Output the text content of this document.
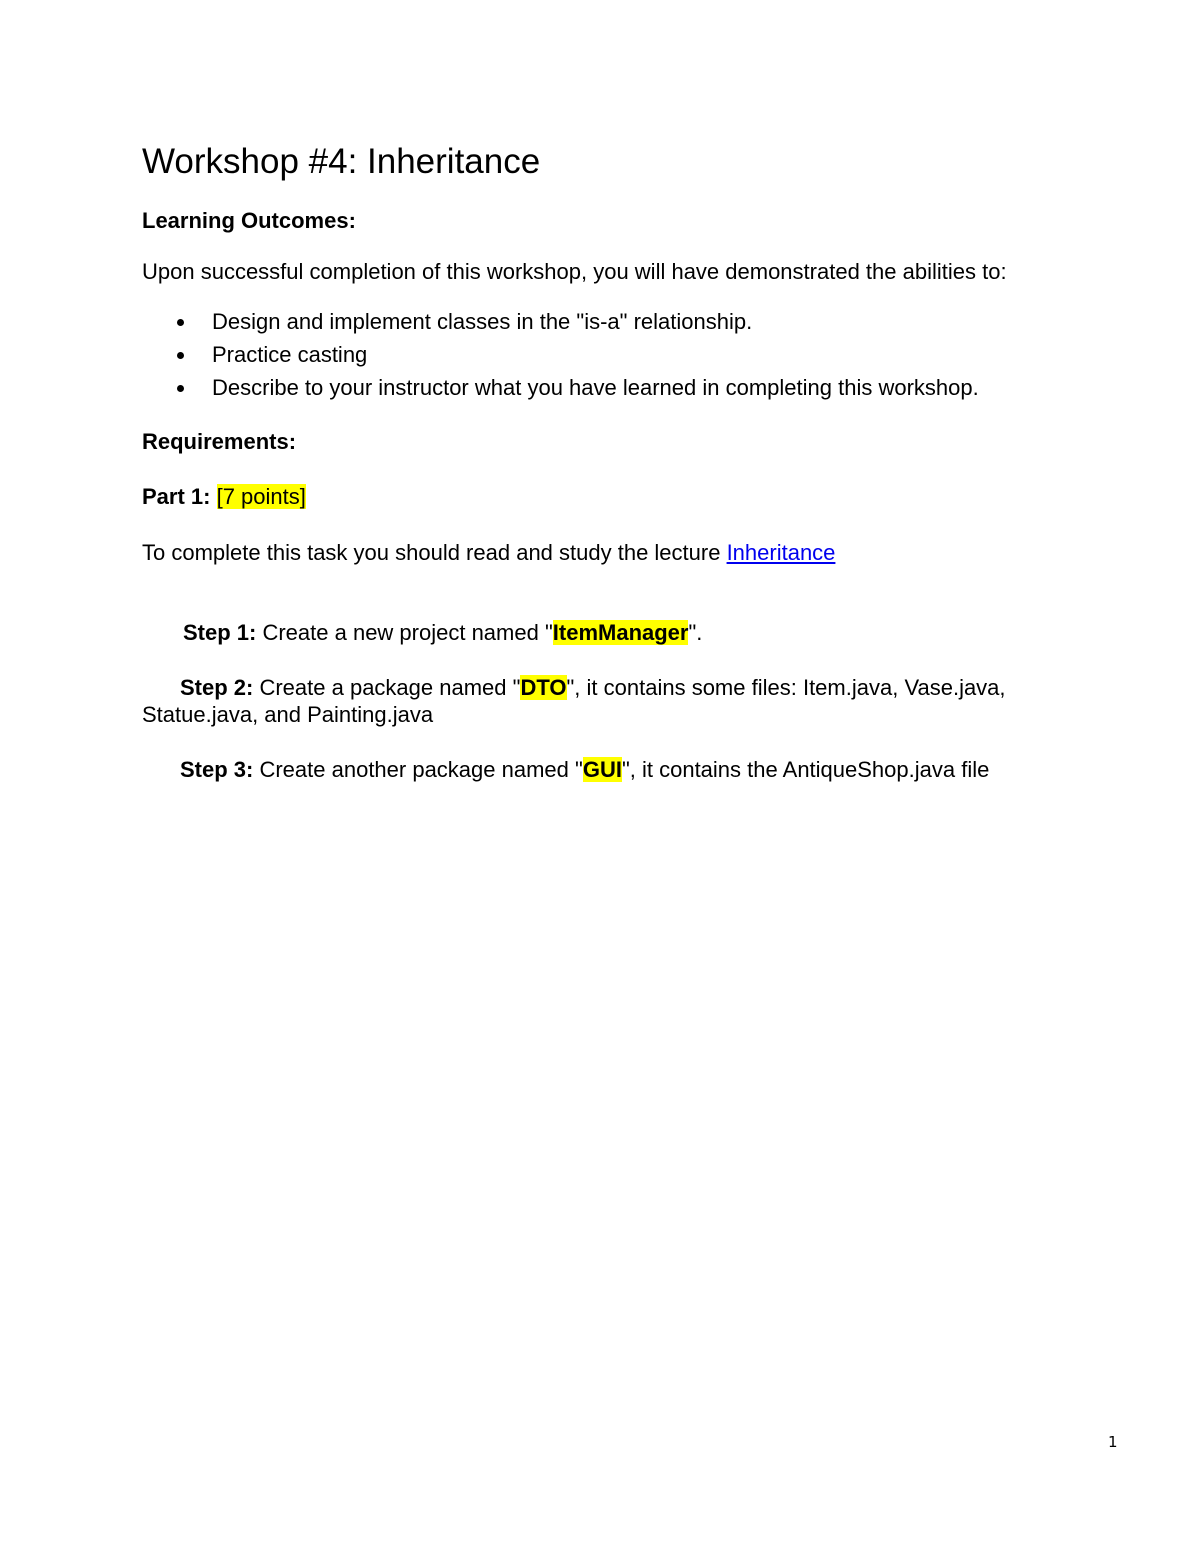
Workshop #4: Inheritance

Learning Outcomes:

Upon successful completion of this workshop, you will have demonstrated the abilities to:

Design and implement classes in the "is-a" relationship.
Practice casting
Describe to your instructor what you have learned in completing this workshop.

Requirements:

Part 1: [7 points]

To complete this task you should read and study the lecture Inheritance

Step 1: Create a new project named "ItemManager".

Step 2: Create a package named "DTO", it contains some files: Item.java, Vase.java,

Statue.java, and Painting.java

Step 3: Create another package named "GUI", it contains the AntiqueShop.java file

1
